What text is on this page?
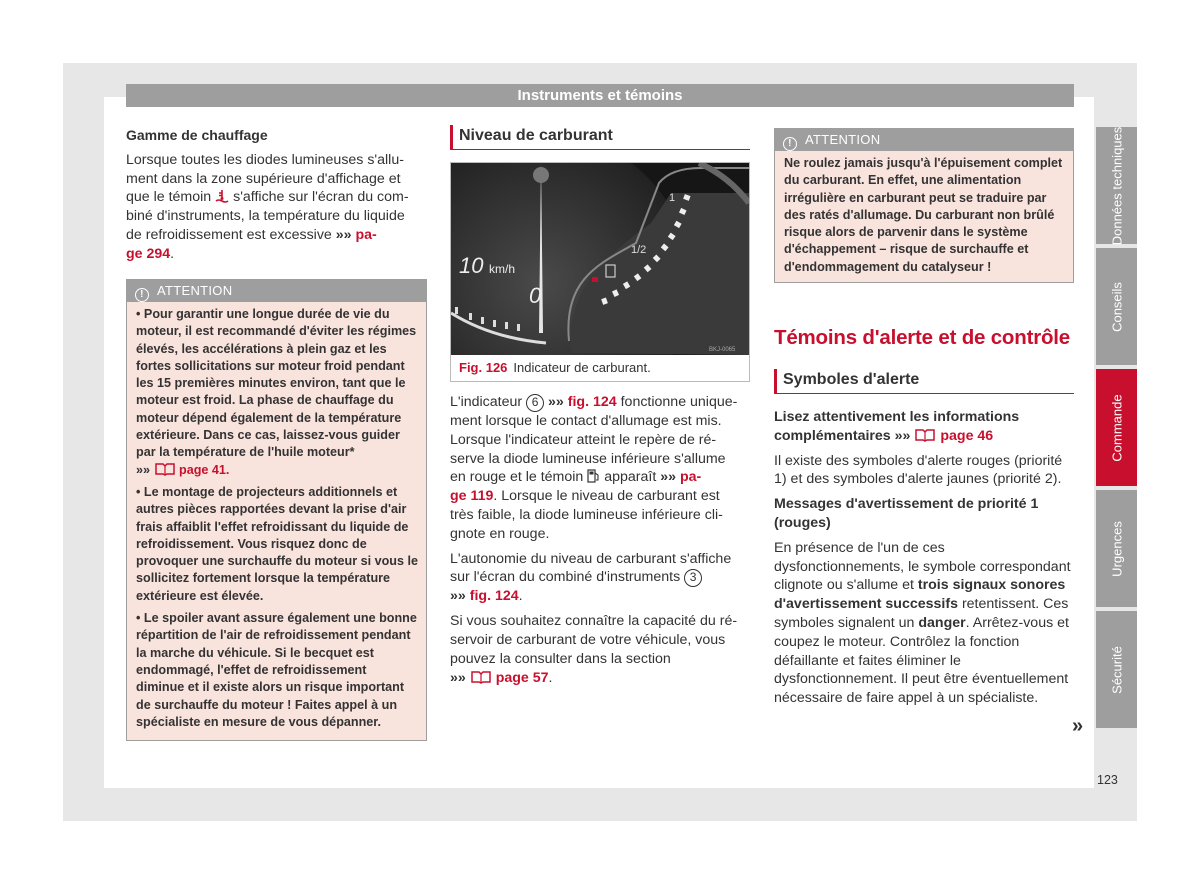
Instruments et témoins
Gamme de chauffage
Lorsque toutes les diodes lumineuses s'allu-
ment dans la zone supérieure d'affichage et
que le témoin s'affiche sur l'écran du com-
biné d'instruments, la température du liquide
de refroidissement est excessive »» pa-
ge 294.
! ATTENTION
• Pour garantir une longue durée de vie du moteur, il est recommandé d'éviter les régimes élevés, les accélérations à plein gaz et les fortes sollicitations sur moteur froid pendant les 15 premières minutes environ, tant que le moteur est froid. La phase de chauffage du moteur dépend également de la température extérieure. Dans ce cas, laissez-vous guider par la température de l'huile moteur*
»» page 41.
• Le montage de projecteurs additionnels et autres pièces rapportées devant la prise d'air frais affaiblit l'effet refroidissant du liquide de refroidissement. Vous risquez donc de provoquer une surchauffe du moteur si vous le sollicitez fortement lorsque la température extérieure est élevée.
• Le spoiler avant assure également une bonne répartition de l'air de refroidissement pendant la marche du véhicule. Si le becquet est endommagé, l'effet de refroidissement diminue et il existe alors un risque important de surchauffe du moteur ! Faites appel à un spécialiste en mesure de vous dépanner.
Niveau de carburant
10
0
km/h
1
1/2
BKJ-0065
Fig. 126 Indicateur de carburant.

L'indicateur 6 »» fig. 124 fonctionne unique-
ment lorsque le contact d'allumage est mis.
Lorsque l'indicateur atteint le repère de ré-
serve la diode lumineuse inférieure s'allume
en rouge et le témoin apparaît »» pa-
ge 119. Lorsque le niveau de carburant est
très faible, la diode lumineuse inférieure cli-
gnote en rouge.

L'autonomie du niveau de carburant s'affiche
sur l'écran du combiné d'instruments 3
»» fig. 124.

Si vous souhaitez connaître la capacité du ré-
servoir de carburant de votre véhicule, vous
pouvez la consulter dans la section
»» page 57.

! ATTENTION
Ne roulez jamais jusqu'à l'épuisement complet du carburant. En effet, une alimentation irrégulière en carburant peut se traduire par des ratés d'allumage. Du carburant non brûlé risque alors de parvenir dans le système d'échappement – risque de surchauffe et d'endommagement du catalyseur !
Témoins d'alerte et de contrôle
Symboles d'alerte

Lisez attentivement les informations complémentaires »» page 46

Il existe des symboles d'alerte rouges (priorité 1) et des symboles d'alerte jaunes (priorité 2).

Messages d'avertissement de priorité 1 (rouges)

En présence de l'un de ces dysfonctionnements, le symbole correspondant clignote ou s'allume et trois signaux sonores d'avertissement successifs retentissent. Ces symboles signalent un danger. Arrêtez-vous et coupez le moteur. Contrôlez la fonction défaillante et faites éliminer le dysfonctionnement. Il peut être éventuellement nécessaire de faire appel à un spécialiste.

»
Données techniques
Conseils
Commande
Urgences
Sécurité
123
